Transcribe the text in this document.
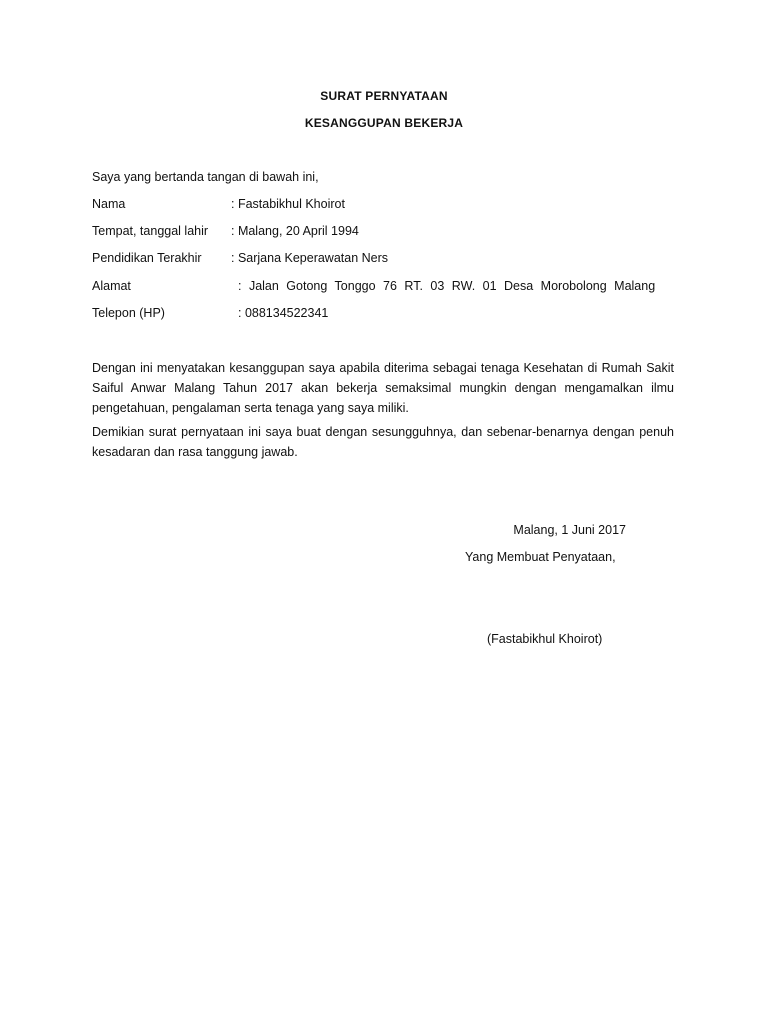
SURAT PERNYATAAN
KESANGGUPAN BEKERJA
Saya yang bertanda tangan di bawah ini,
Nama	: Fastabikhul Khoirot
Tempat, tanggal lahir : Malang, 20 April 1994
Pendidikan Terakhir : Sarjana Keperawatan Ners
Alamat	: Jalan Gotong Tonggo 76 RT. 03 RW. 01 Desa Morobolong Malang
Telepon (HP)	: 088134522341
Dengan ini menyatakan kesanggupan saya apabila diterima sebagai tenaga Kesehatan di Rumah Sakit Saiful Anwar Malang Tahun 2017 akan bekerja semaksimal mungkin dengan mengamalkan ilmu pengetahuan, pengalaman serta tenaga yang saya miliki.
Demikian surat pernyataan ini saya buat dengan sesungguhnya, dan sebenar-benarnya dengan penuh kesadaran dan rasa tanggung jawab.
Malang, 1 Juni 2017
Yang Membuat Penyataan,
(Fastabikhul Khoirot)
